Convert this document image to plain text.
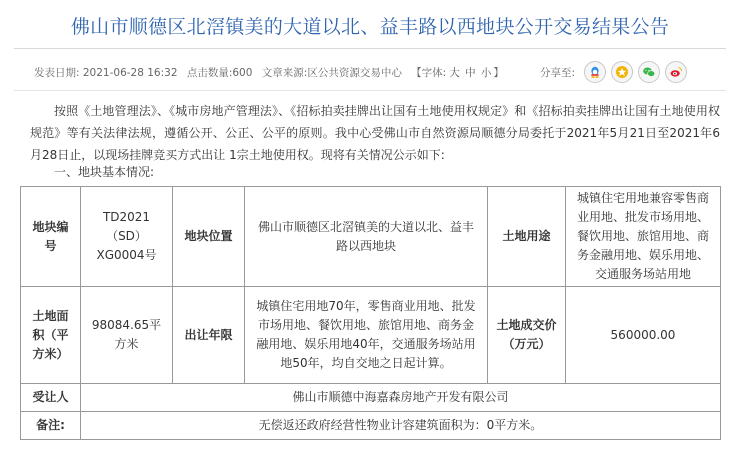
佛山市顺德区北滘镇美的大道以北、益丰路以西地块公开交易结果公告
发表日期: 2021-06-28 16:32 点击数量:600 文章来源:区公共资源交易中心 【字体: 大 中 小 】	分享至:

按照《土地管理法》、《城市房地产管理法》、《招标拍卖挂牌出让国有土地使用权规定》和《招标拍卖挂牌出让国有土地使用权规范》等有关法律法规，遵循公开、公正、公平的原则。我中心受佛山市自然资源局顺德分局委托于2021年5月21日至2021年6月28日止，以现场挂牌竞买方式出让 1宗土地使用权。现将有关情况公示如下:

一、地块基本情况:
地块编号	TD2021（SD）XG0004号	地块位置	佛山市顺德区北滘镇美的大道以北、益丰路以西地块	土地用途	城镇住宅用地兼容零售商业用地、批发市场用地、餐饮用地、旅馆用地、商务金融用地、娱乐用地、交通服务场站用地
土地面积（平方米）	98084.65平方米	出让年限	城镇住宅用地70年，零售商业用地、批发市场用地、餐饮用地、旅馆用地、商务金融用地、娱乐用地40年，交通服务场站用地50年，均自交地之日起计算。	土地成交价（万元）	560000.00
受让人	佛山市顺德中海嘉森房地产开发有限公司				
备注:	无偿返还政府经营性物业计容建筑面积为：0平方米。				
